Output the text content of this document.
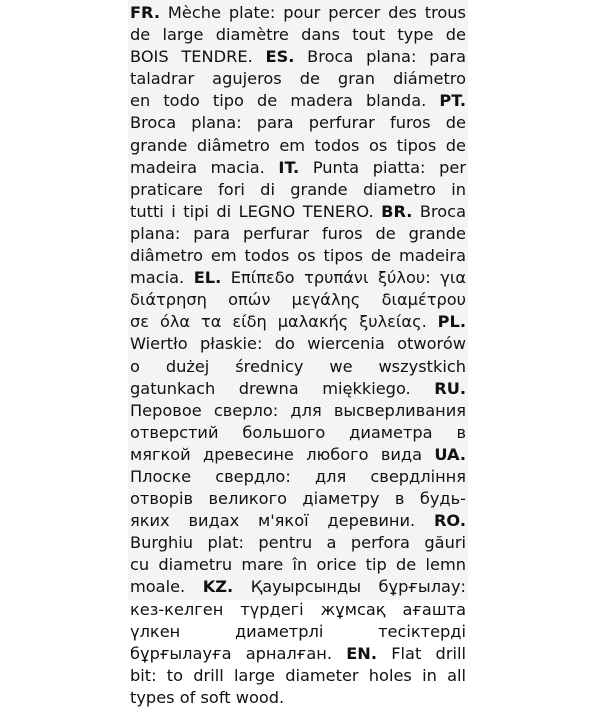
FR. Mèche plate: pour percer des trous
de large diamètre dans tout type de
BOIS TENDRE. ES. Broca plana: para
taladrar agujeros de gran diámetro
en todo tipo de madera blanda. PT.
Broca plana: para perfurar furos de
grande diâmetro em todos os tipos de
madeira macia. IT. Punta piatta: per
praticare fori di grande diametro in
tutti i tipi di LEGNO TENERO. BR. Broca
plana: para perfurar furos de grande
diâmetro em todos os tipos de madeira
macia. EL. Επίπεδο τρυπάνι ξύλου: για
διάτρηση οπών μεγάλης διαμέτρου
σε όλα τα είδη μαλακής ξυλείας. PL.
Wiertło płaskie: do wiercenia otworów
o dużej średnicy we wszystkich
gatunkach drewna miękkiego. RU.
Перовое сверло: для высверливания
отверстий большого диаметра в
мягкой древесине любого вида UA.
Плоске свердло: для свердління
отворів великого діаметру в будь-
яких видах м'якої деревини. RO.
Burghiu plat: pentru a perfora găuri
cu diametru mare în orice tip de lemn
moale. KZ. Қауырсынды бұрғылау:
кез-келген түрдегі жұмсақ ағашта
үлкен диаметрлі тесіктерді
бұрғылауға арналған. EN. Flat drill
bit: to drill large diameter holes in all
types of soft wood.
